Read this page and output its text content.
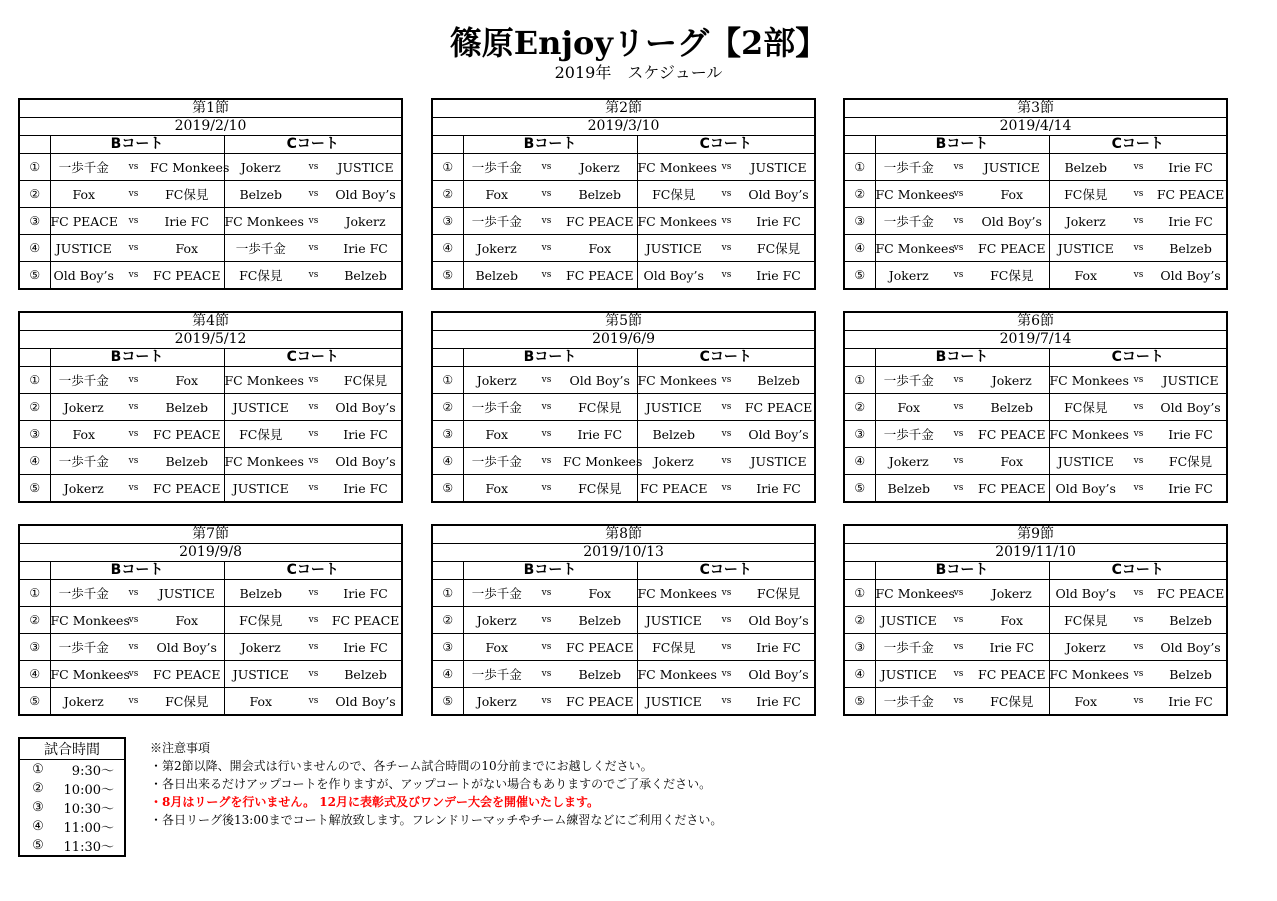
篠原Enjoyリーグ【2部】
2019年　スケジュール
第1節						
2019/2/10						
	Bコート			Cコート		
①	一歩千金	vs	FC Monkees	Jokerz	vs	JUSTICE
②	Fox	vs	FC保見	Belzeb	vs	Old Boy’s
③	FC PEACE	vs	Irie FC	FC Monkees	vs	Jokerz
④	JUSTICE	vs	Fox	一歩千金	vs	Irie FC
⑤	Old Boy’s	vs	FC PEACE	FC保見	vs	Belzeb
第2節						
2019/3/10						
	Bコート			Cコート		
①	一歩千金	vs	Jokerz	FC Monkees	vs	JUSTICE
②	Fox	vs	Belzeb	FC保見	vs	Old Boy’s
③	一歩千金	vs	FC PEACE	FC Monkees	vs	Irie FC
④	Jokerz	vs	Fox	JUSTICE	vs	FC保見
⑤	Belzeb	vs	FC PEACE	Old Boy’s	vs	Irie FC
第3節						
2019/4/14						
	Bコート			Cコート		
①	一歩千金	vs	JUSTICE	Belzeb	vs	Irie FC
②	FC Monkees	vs	Fox	FC保見	vs	FC PEACE
③	一歩千金	vs	Old Boy’s	Jokerz	vs	Irie FC
④	FC Monkees	vs	FC PEACE	JUSTICE	vs	Belzeb
⑤	Jokerz	vs	FC保見	Fox	vs	Old Boy’s
第4節						
2019/5/12						
	Bコート			Cコート		
①	一歩千金	vs	Fox	FC Monkees	vs	FC保見
②	Jokerz	vs	Belzeb	JUSTICE	vs	Old Boy’s
③	Fox	vs	FC PEACE	FC保見	vs	Irie FC
④	一歩千金	vs	Belzeb	FC Monkees	vs	Old Boy’s
⑤	Jokerz	vs	FC PEACE	JUSTICE	vs	Irie FC
第5節						
2019/6/9						
	Bコート			Cコート		
①	Jokerz	vs	Old Boy’s	FC Monkees	vs	Belzeb
②	一歩千金	vs	FC保見	JUSTICE	vs	FC PEACE
③	Fox	vs	Irie FC	Belzeb	vs	Old Boy’s
④	一歩千金	vs	FC Monkees	Jokerz	vs	JUSTICE
⑤	Fox	vs	FC保見	FC PEACE	vs	Irie FC
第6節						
2019/7/14						
	Bコート			Cコート		
①	一歩千金	vs	Jokerz	FC Monkees	vs	JUSTICE
②	Fox	vs	Belzeb	FC保見	vs	Old Boy’s
③	一歩千金	vs	FC PEACE	FC Monkees	vs	Irie FC
④	Jokerz	vs	Fox	JUSTICE	vs	FC保見
⑤	Belzeb	vs	FC PEACE	Old Boy’s	vs	Irie FC
第7節						
2019/9/8						
	Bコート			Cコート		
①	一歩千金	vs	JUSTICE	Belzeb	vs	Irie FC
②	FC Monkees	vs	Fox	FC保見	vs	FC PEACE
③	一歩千金	vs	Old Boy’s	Jokerz	vs	Irie FC
④	FC Monkees	vs	FC PEACE	JUSTICE	vs	Belzeb
⑤	Jokerz	vs	FC保見	Fox	vs	Old Boy’s
第8節						
2019/10/13						
	Bコート			Cコート		
①	一歩千金	vs	Fox	FC Monkees	vs	FC保見
②	Jokerz	vs	Belzeb	JUSTICE	vs	Old Boy’s
③	Fox	vs	FC PEACE	FC保見	vs	Irie FC
④	一歩千金	vs	Belzeb	FC Monkees	vs	Old Boy’s
⑤	Jokerz	vs	FC PEACE	JUSTICE	vs	Irie FC
第9節						
2019/11/10						
	Bコート			Cコート		
①	FC Monkees	vs	Jokerz	Old Boy’s	vs	FC PEACE
②	JUSTICE	vs	Fox	FC保見	vs	Belzeb
③	一歩千金	vs	Irie FC	Jokerz	vs	Old Boy’s
④	JUSTICE	vs	FC PEACE	FC Monkees	vs	Belzeb
⑤	一歩千金	vs	FC保見	Fox	vs	Irie FC
試合時間	
①	9:30～
②	10:00～
③	10:30～
④	11:00～
⑤	11:30～
※注意事項
・第2節以降、開会式は行いませんので、各チーム試合時間の10分前までにお越しください。
・各日出来るだけアップコートを作りますが、アップコートがない場合もありますのでご了承ください。
・8月はリーグを行いません。 12月に表彰式及びワンデー大会を開催いたします。
・各日リーグ後13:00までコート解放致します。フレンドリーマッチやチーム練習などにご利用ください。
